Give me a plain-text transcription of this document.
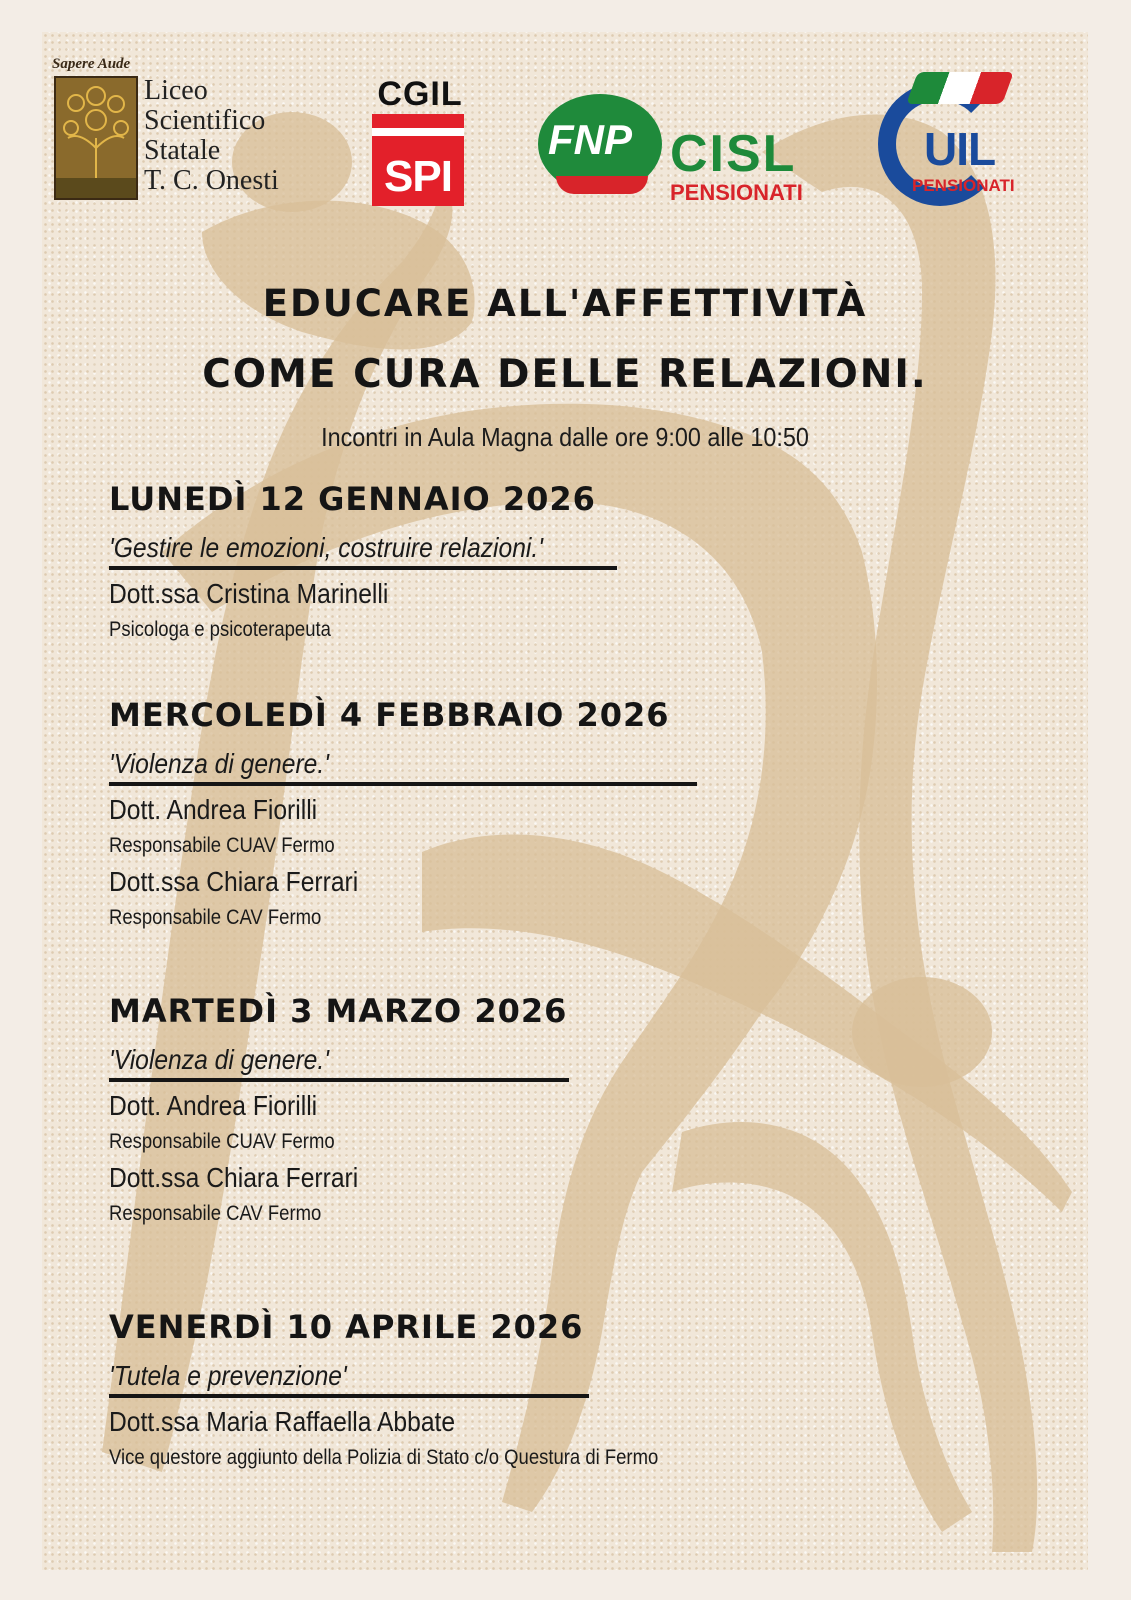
Sapere Aude
Liceo
Scientifico
Statale
T. C. Onesti
CGIL
SPI
FNP CISL
PENSIONATI
UIL
PENSIONATI
EDUCARE ALL'AFFETTIVITÀ
COME CURA DELLE RELAZIONI.
Incontri in Aula Magna dalle ore 9:00 alle 10:50
LUNEDÌ 12 GENNAIO 2026
'Gestire le emozioni, costruire relazioni.'
Dott.ssa Cristina Marinelli
Psicologa e psicoterapeuta
MERCOLEDÌ 4 FEBBRAIO 2026
'Violenza di genere.'
Dott. Andrea Fiorilli
Responsabile CUAV Fermo
Dott.ssa Chiara Ferrari
Responsabile CAV Fermo
MARTEDÌ 3 MARZO 2026
'Violenza di genere.'
Dott. Andrea Fiorilli
Responsabile CUAV Fermo
Dott.ssa Chiara Ferrari
Responsabile CAV Fermo
VENERDÌ 10 APRILE 2026
'Tutela e prevenzione'
Dott.ssa Maria Raffaella Abbate
Vice questore aggiunto della Polizia di Stato c/o Questura di Fermo
